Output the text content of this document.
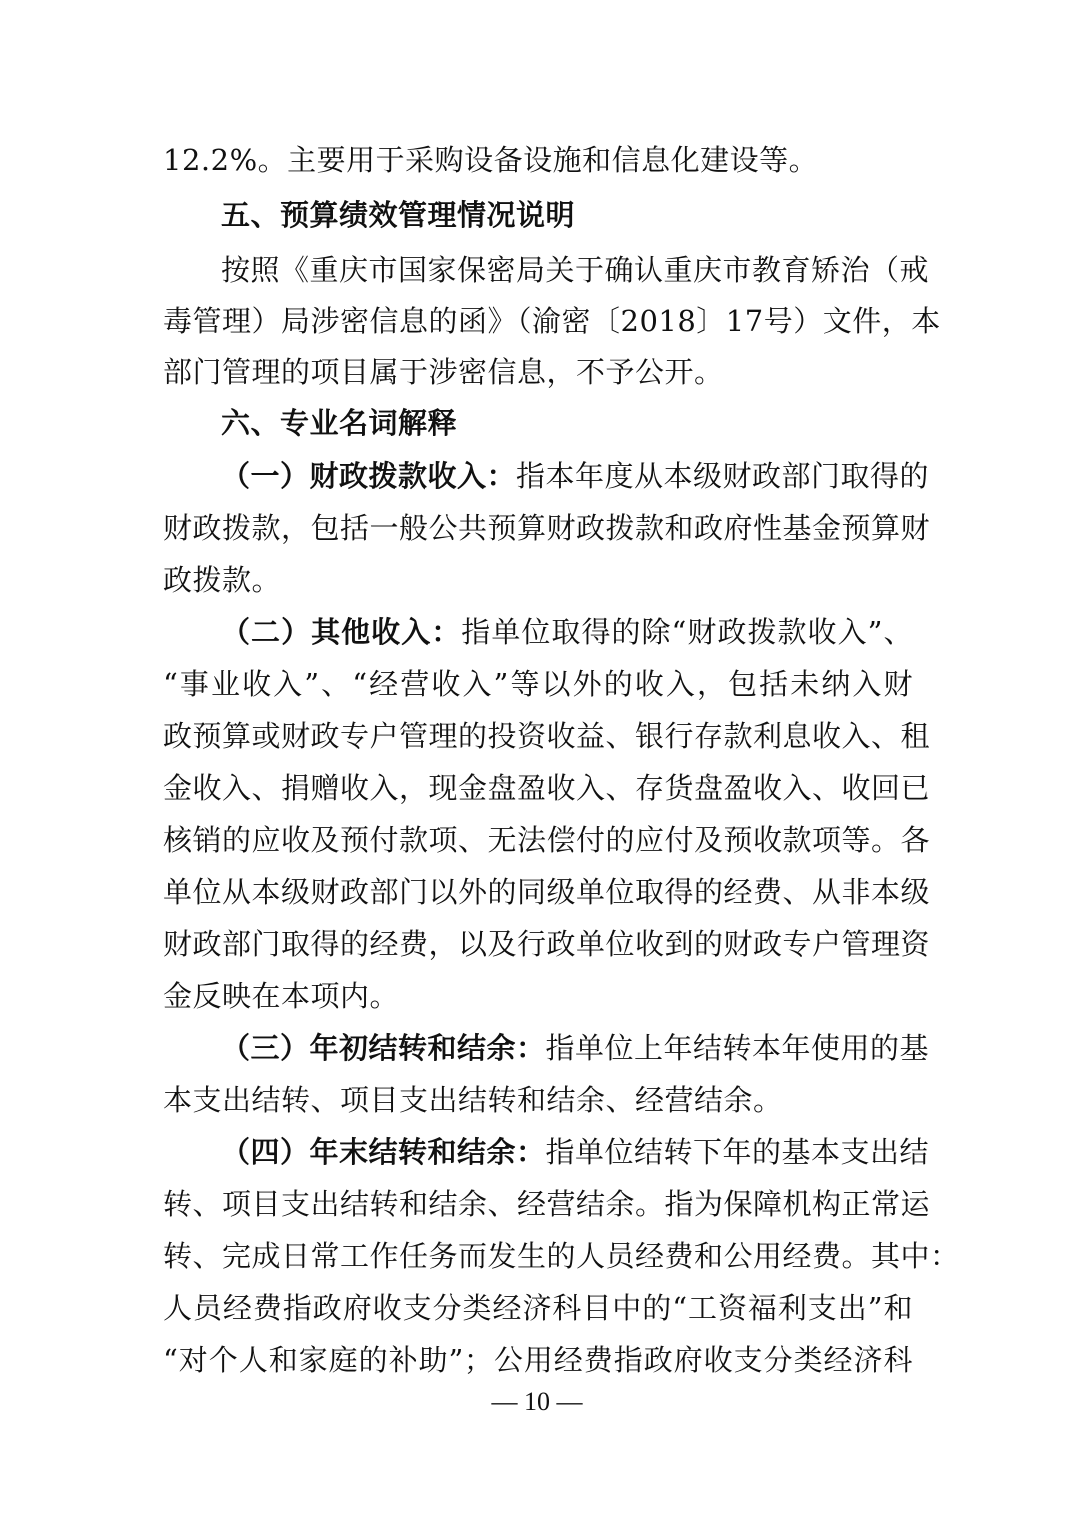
12.2%。主要用于采购设备设施和信息化建设等。
五、预算绩效管理情况说明
按照《重庆市国家保密局关于确认重庆市教育矫治（戒
毒管理）局涉密信息的函》（渝密〔2018〕17号）文件，本
部门管理的项目属于涉密信息，不予公开。
六、专业名词解释
（一）财政拨款收入：指本年度从本级财政部门取得的
财政拨款，包括一般公共预算财政拨款和政府性基金预算财
政拨款。
（二）其他收入：指单位取得的除“财政拨款收入”、
“事业收入”、“经营收入”等以外的收入，包括未纳入财
政预算或财政专户管理的投资收益、银行存款利息收入、租
金收入、捐赠收入，现金盘盈收入、存货盘盈收入、收回已
核销的应收及预付款项、无法偿付的应付及预收款项等。各
单位从本级财政部门以外的同级单位取得的经费、从非本级
财政部门取得的经费，以及行政单位收到的财政专户管理资
金反映在本项内。
（三）年初结转和结余：指单位上年结转本年使用的基
本支出结转、项目支出结转和结余、经营结余。
（四）年末结转和结余：指单位结转下年的基本支出结
转、项目支出结转和结余、经营结余。指为保障机构正常运
转、完成日常工作任务而发生的人员经费和公用经费。其中：
人员经费指政府收支分类经济科目中的“工资福利支出”和
“对个人和家庭的补助”；公用经费指政府收支分类经济科
— 10 —
